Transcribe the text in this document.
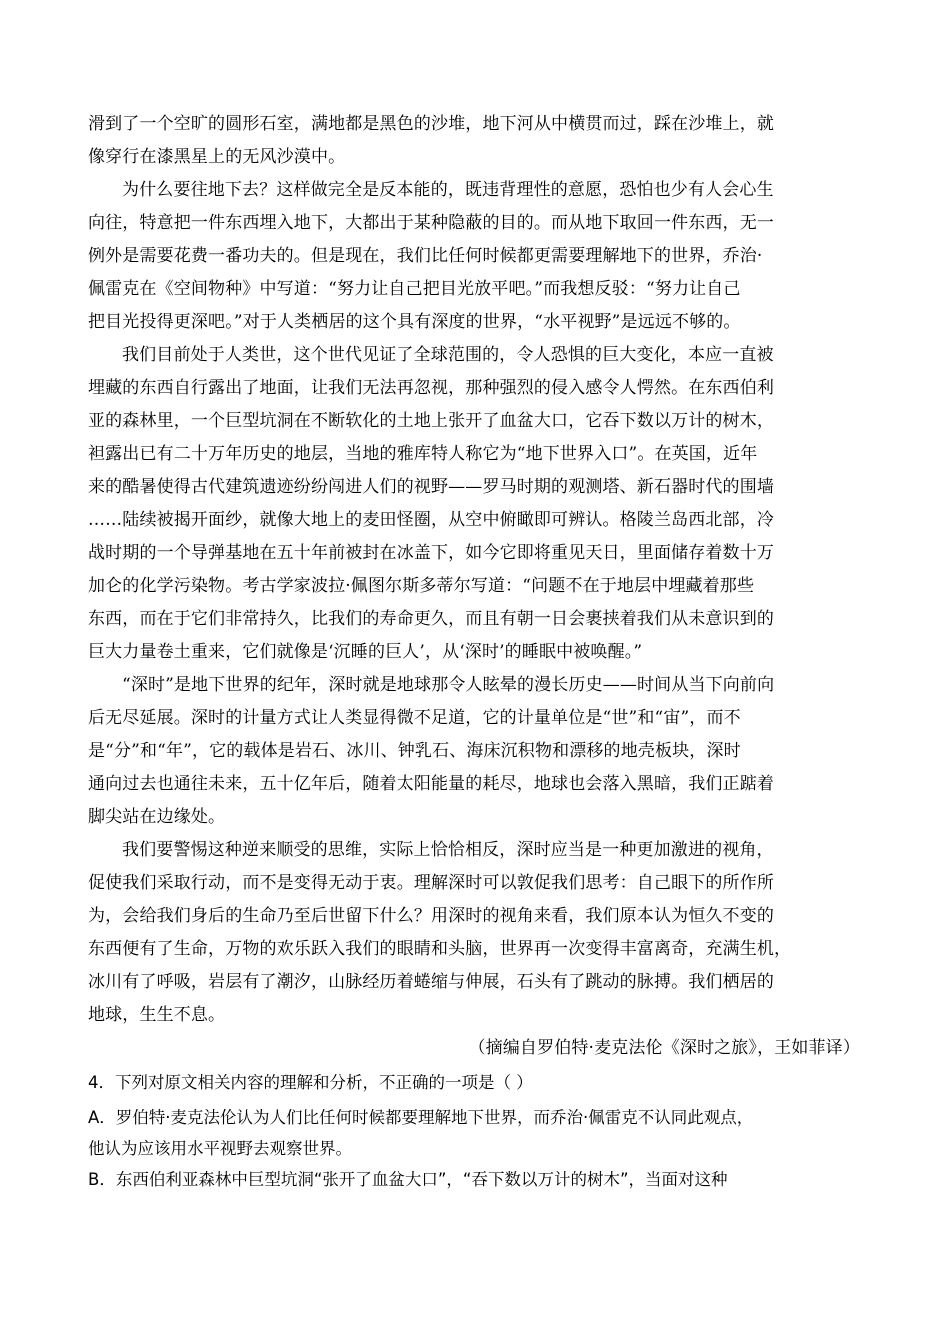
滑到了一个空旷的圆形石室，满地都是黑色的沙堆，地下河从中横贯而过，踩在沙堆上，就
像穿行在漆黑星上的无风沙漠中。
为什么要往地下去？这样做完全是反本能的，既违背理性的意愿，恐怕也少有人会心生
向往，特意把一件东西埋入地下，大都出于某种隐蔽的目的。而从地下取回一件东西，无一
例外是需要花费一番功夫的。但是现在，我们比任何时候都更需要理解地下的世界，乔治·
佩雷克在《空间物种》中写道：“努力让自己把目光放平吧。”而我想反驳：“努力让自己
把目光投得更深吧。”对于人类栖居的这个具有深度的世界，“水平视野”是远远不够的。
我们目前处于人类世，这个世代见证了全球范围的，令人恐惧的巨大变化，本应一直被
埋藏的东西自行露出了地面，让我们无法再忽视，那种强烈的侵入感令人愕然。在东西伯利
亚的森林里，一个巨型坑洞在不断软化的土地上张开了血盆大口，它吞下数以万计的树木，
袒露出已有二十万年历史的地层，当地的雅库特人称它为“地下世界入口”。在英国，近年
来的酷暑使得古代建筑遗迹纷纷闯进人们的视野——罗马时期的观测塔、新石器时代的围墙
……陆续被揭开面纱，就像大地上的麦田怪圈，从空中俯瞰即可辨认。格陵兰岛西北部，冷
战时期的一个导弹基地在五十年前被封在冰盖下，如今它即将重见天日，里面储存着数十万
加仑的化学污染物。考古学家波拉·佩图尔斯多蒂尔写道：“问题不在于地层中埋藏着那些
东西，而在于它们非常持久，比我们的寿命更久，而且有朝一日会裹挟着我们从未意识到的
巨大力量卷土重来，它们就像是‘沉睡的巨人’，从‘深时’的睡眠中被唤醒。”
“深时”是地下世界的纪年，深时就是地球那令人眩晕的漫长历史——时间从当下向前向
后无尽延展。深时的计量方式让人类显得微不足道，它的计量单位是“世”和“宙”，而不
是“分”和“年”，它的载体是岩石、冰川、钟乳石、海床沉积物和漂移的地壳板块，深时
通向过去也通往未来，五十亿年后，随着太阳能量的耗尽，地球也会落入黑暗，我们正踮着
脚尖站在边缘处。
我们要警惕这种逆来顺受的思维，实际上恰恰相反，深时应当是一种更加激进的视角，
促使我们采取行动，而不是变得无动于衷。理解深时可以敦促我们思考：自己眼下的所作所
为，会给我们身后的生命乃至后世留下什么？用深时的视角来看，我们原本认为恒久不变的
东西便有了生命，万物的欢乐跃入我们的眼睛和头脑，世界再一次变得丰富离奇，充满生机，
冰川有了呼吸，岩层有了潮汐，山脉经历着蜷缩与伸展，石头有了跳动的脉搏。我们栖居的
地球，生生不息。
（摘编自罗伯特·麦克法伦《深时之旅》，王如菲译）
4．下列对原文相关内容的理解和分析，不正确的一项是（ ）
A．罗伯特·麦克法伦认为人们比任何时候都要理解地下世界，而乔治·佩雷克不认同此观点，
他认为应该用水平视野去观察世界。
B．东西伯利亚森林中巨型坑洞“张开了血盆大口”，“吞下数以万计的树木”，当面对这种
